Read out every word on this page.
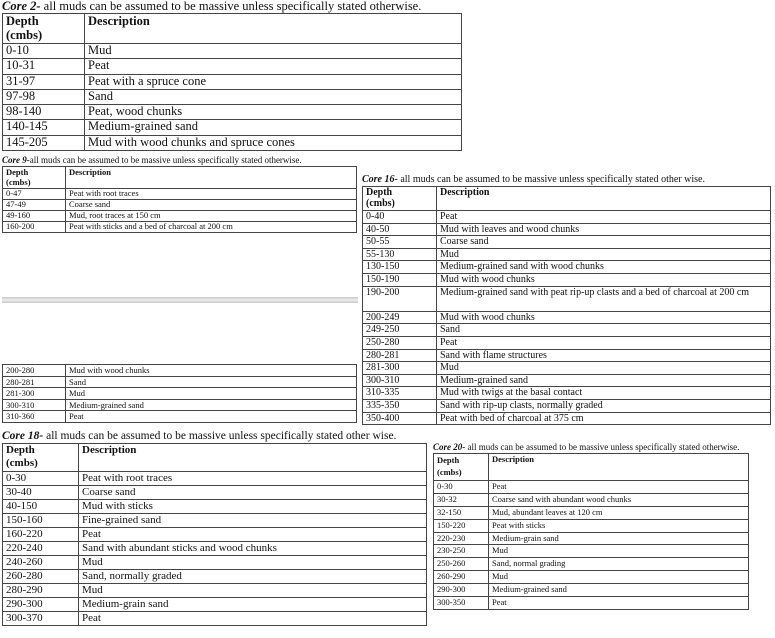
Core 2- all muds can be assumed to be massive unless specifically stated otherwise.
Depth
(cmbs)	Description
0-10	Mud
10-31	Peat
31-97	Peat with a spruce cone
97-98	Sand
98-140	Peat, wood chunks
140-145	Medium-grained sand
145-205	Mud with wood chunks and spruce cones
Core 9-all muds can be assumed to be massive unless specifically stated otherwise.
Depth
(cmbs)	Description
0-47	Peat with root traces
47-49	Coarse sand
49-160	Mud, root traces at 150 cm
160-200	Peat with sticks and a bed of charcoal at 200 cm
200-280	Mud with wood chunks
280-281	Sand
281-300	Mud
300-310	Medium-grained sand
310-360	Peat
Core 16- all muds can be assumed to be massive unless specifically stated other wise.
Depth
(cmbs)	Description
0-40	Peat
40-50	Mud with leaves and wood chunks
50-55	Coarse sand
55-130	Mud
130-150	Medium-grained sand with wood chunks
150-190	Mud with wood chunks
190-200	Medium-grained sand with peat rip-up clasts and a bed of charcoal at 200 cm
200-249	Mud with wood chunks
249-250	Sand
250-280	Peat
280-281	Sand with flame structures
281-300	Mud
300-310	Medium-grained sand
310-335	Mud with twigs at the basal contact
335-350	Sand with rip-up clasts, normally graded
350-400	Peat with bed of charcoal at 375 cm
Core 18- all muds can be assumed to be massive unless specifically stated other wise.
Depth
(cmbs)	Description
0-30	Peat with root traces
30-40	Coarse sand
40-150	Mud with sticks
150-160	Fine-grained sand
160-220	Peat
220-240	Sand with abundant sticks and wood chunks
240-260	Mud
260-280	Sand, normally graded
280-290	Mud
290-300	Medium-grain sand
300-370	Peat
Core 20- all muds can be assumed to be massive unless specifically stated otherwise.
Depth
(cmbs)	Description
0-30	Peat
30-32	Coarse sand with abundant wood chunks
32-150	Mud, abundant leaves at 120 cm
150-220	Peat with sticks
220-230	Medium-grain sand
230-250	Mud
250-260	Sand, normal grading
260-290	Mud
290-300	Medium-grained sand
300-350	Peat
